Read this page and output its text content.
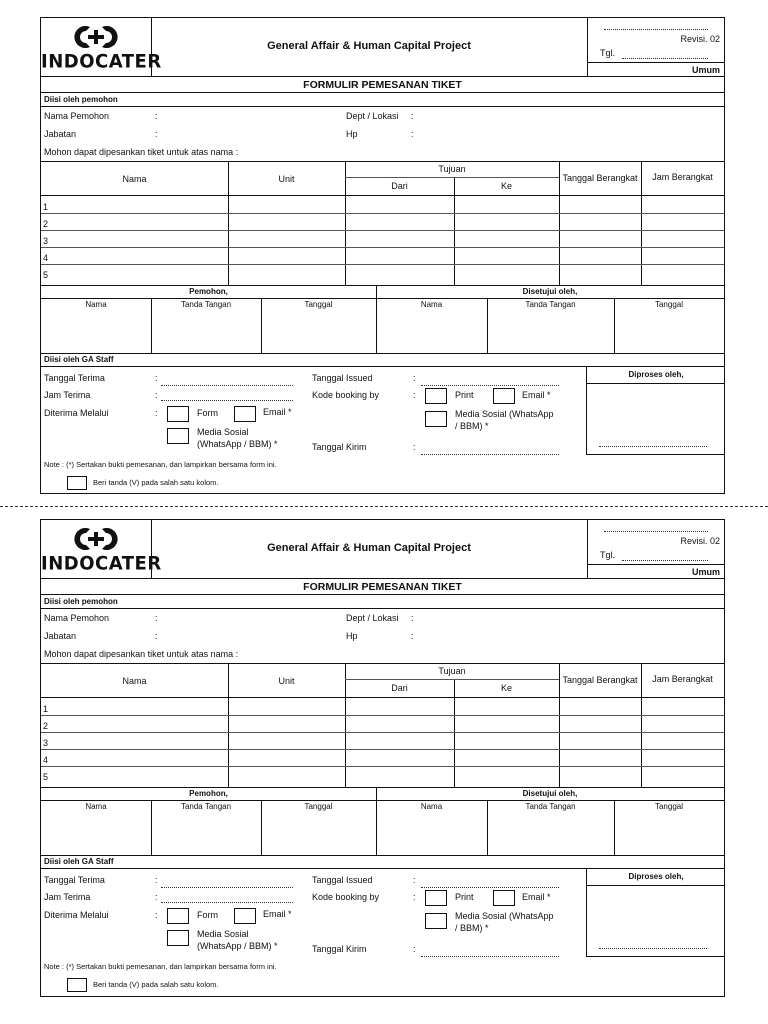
INDOCATER
General Affair & Human Capital Project
Revisi. 02
Tgl.
Umum
FORMULIR PEMESANAN TIKET
Diisi oleh pemohon
Nama Pemohon	:	Dept / Lokasi :
Jabatan	:	Hp	:
Mohon dapat dipesankan tiket untuk atas nama :
Nama	Unit
Tujuan
Dari	Ke
Tanggal Berangkat	Jam Berangkat
1
2
3
4
5
Pemohon,	Disetujui oleh,
Nama	Tanda Tangan	Tanggal	Nama	Tanda Tangan	Tanggal
Diisi oleh GA Staff
Tanggal Terima	:
Jam Terima	:
Diterima Melalui	:	Form	Email *
Media Sosial
(WhatsApp / BBM) *
Tanggal Issued	:
Kode booking by	:	Print	Email *
Media Sosial (WhatsApp
/ BBM) *
Tanggal Kirim	:
Diproses oleh,
Note : (*) Sertakan bukti pemesanan, dan lampirkan bersama form ini.
Beri tanda (V) pada salah satu kolom.
INDOCATER
General Affair & Human Capital Project
Revisi. 02
Tgl.
Umum
FORMULIR PEMESANAN TIKET
Diisi oleh pemohon
Nama Pemohon	:	Dept / Lokasi :
Jabatan	:	Hp	:
Mohon dapat dipesankan tiket untuk atas nama :
Nama	Unit
Tujuan
Dari	Ke
Tanggal Berangkat	Jam Berangkat
1
2
3
4
5
Pemohon,	Disetujui oleh,
Nama	Tanda Tangan	Tanggal	Nama	Tanda Tangan	Tanggal
Diisi oleh GA Staff
Tanggal Terima	:
Jam Terima	:
Diterima Melalui	:	Form	Email *
Media Sosial
(WhatsApp / BBM) *
Tanggal Issued	:
Kode booking by	:	Print	Email *
Media Sosial (WhatsApp
/ BBM) *
Tanggal Kirim	:
Diproses oleh,
Note : (*) Sertakan bukti pemesanan, dan lampirkan bersama form ini.
Beri tanda (V) pada salah satu kolom.
